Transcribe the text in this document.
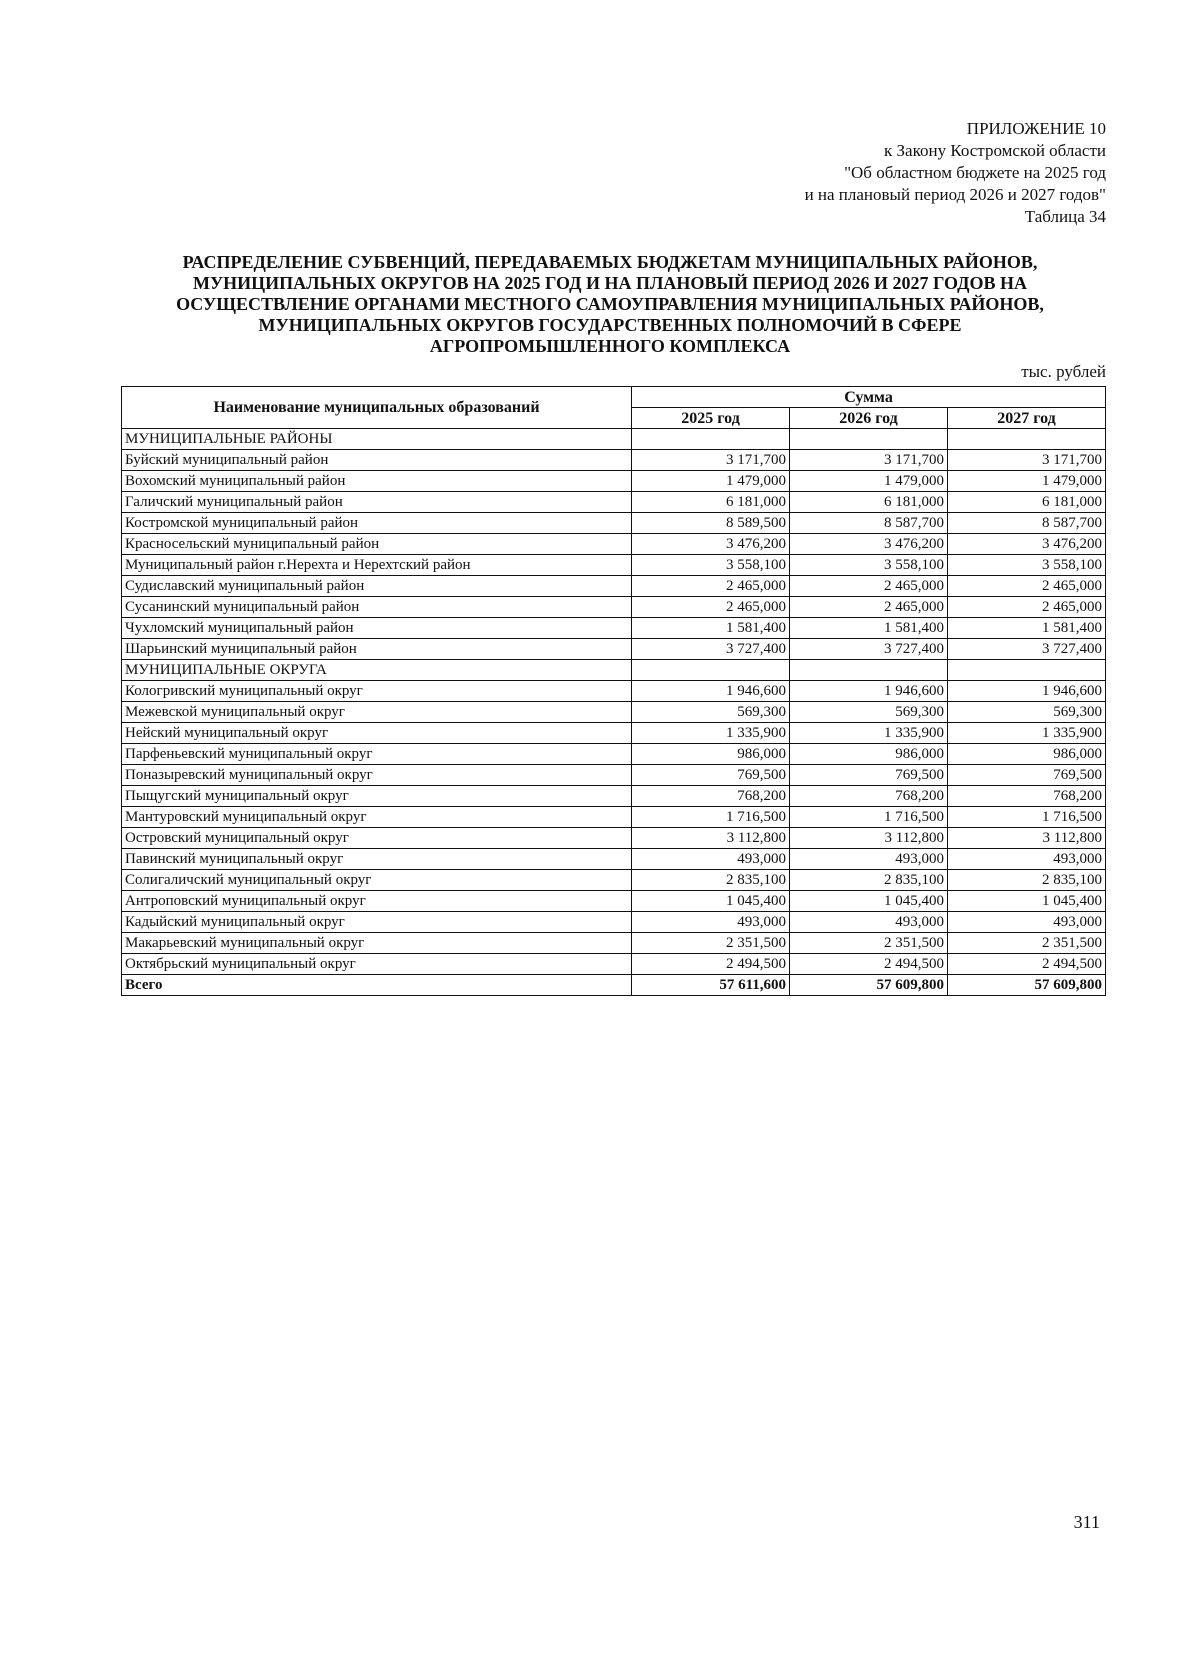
ПРИЛОЖЕНИЕ 10
к Закону Костромской области
"Об областном бюджете на 2025 год
и на плановый период 2026 и 2027 годов"
Таблица 34
РАСПРЕДЕЛЕНИЕ СУБВЕНЦИЙ, ПЕРЕДАВАЕМЫХ БЮДЖЕТАМ МУНИЦИПАЛЬНЫХ РАЙОНОВ,
МУНИЦИПАЛЬНЫХ ОКРУГОВ НА 2025 ГОД И НА ПЛАНОВЫЙ ПЕРИОД 2026 И 2027 ГОДОВ НА
ОСУЩЕСТВЛЕНИЕ ОРГАНАМИ МЕСТНОГО САМОУПРАВЛЕНИЯ МУНИЦИПАЛЬНЫХ РАЙОНОВ,
МУНИЦИПАЛЬНЫХ ОКРУГОВ ГОСУДАРСТВЕННЫХ ПОЛНОМОЧИЙ В СФЕРЕ
АГРОПРОМЫШЛЕННОГО КОМПЛЕКСА
тыс. рублей
Наименование муниципальных образований	Сумма		
	2025 год	2026 год	2027 год
МУНИЦИПАЛЬНЫЕ РАЙОНЫ			
Буйский муниципальный район	3 171,700	3 171,700	3 171,700
Вохомский муниципальный район	1 479,000	1 479,000	1 479,000
Галичский муниципальный район	6 181,000	6 181,000	6 181,000
Костромской муниципальный район	8 589,500	8 587,700	8 587,700
Красносельский муниципальный район	3 476,200	3 476,200	3 476,200
Муниципальный район г.Нерехта и Нерехтский район	3 558,100	3 558,100	3 558,100
Судиславский муниципальный район	2 465,000	2 465,000	2 465,000
Сусанинский муниципальный район	2 465,000	2 465,000	2 465,000
Чухломский муниципальный район	1 581,400	1 581,400	1 581,400
Шарьинский муниципальный район	3 727,400	3 727,400	3 727,400
МУНИЦИПАЛЬНЫЕ ОКРУГА			
Кологривский муниципальный округ	1 946,600	1 946,600	1 946,600
Межевской муниципальный округ	569,300	569,300	569,300
Нейский муниципальный округ	1 335,900	1 335,900	1 335,900
Парфеньевский муниципальный округ	986,000	986,000	986,000
Поназыревский муниципальный округ	769,500	769,500	769,500
Пыщугский муниципальный округ	768,200	768,200	768,200
Мантуровский муниципальный округ	1 716,500	1 716,500	1 716,500
Островский муниципальный округ	3 112,800	3 112,800	3 112,800
Павинский муниципальный округ	493,000	493,000	493,000
Солигаличский муниципальный округ	2 835,100	2 835,100	2 835,100
Антроповский муниципальный округ	1 045,400	1 045,400	1 045,400
Кадыйский муниципальный округ	493,000	493,000	493,000
Макарьевский муниципальный округ	2 351,500	2 351,500	2 351,500
Октябрьский муниципальный округ	2 494,500	2 494,500	2 494,500
Всего	57 611,600	57 609,800	57 609,800
311
